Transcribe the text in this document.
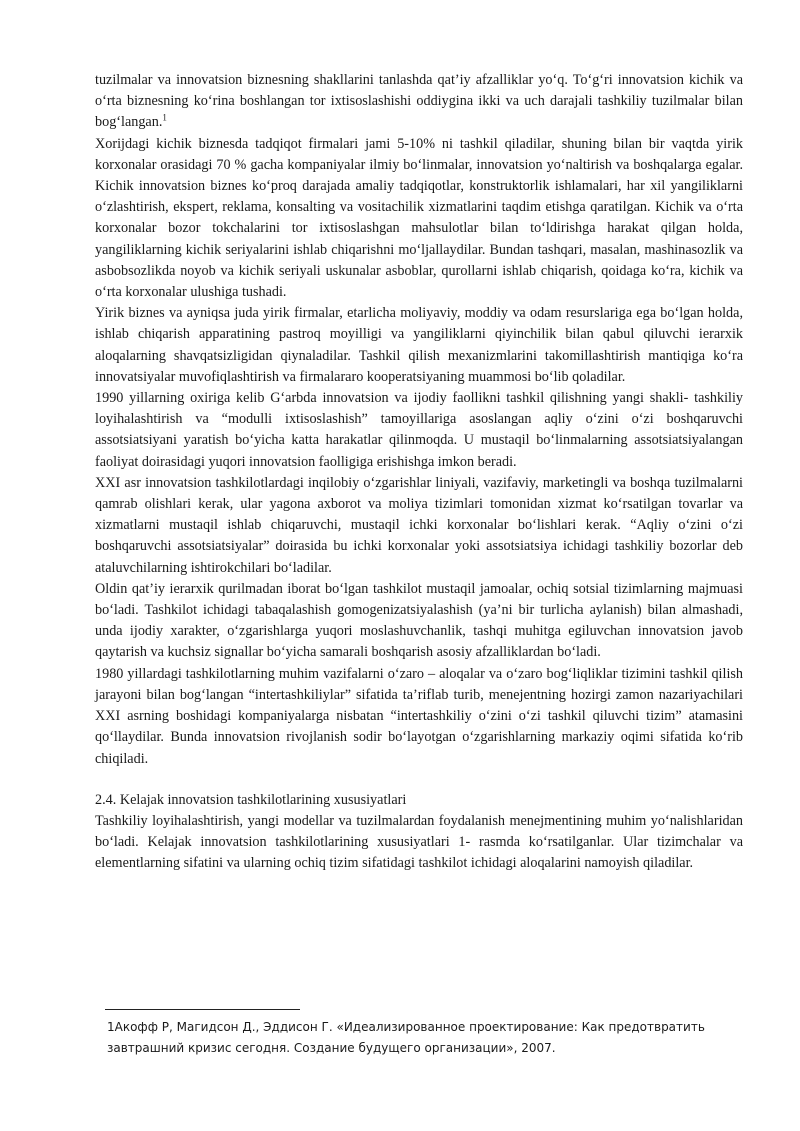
tuzilmalar va innovatsion biznesning shakllarini tanlashda qat’iy afzalliklar yo‘q. To‘g‘ri innovatsion kichik va o‘rta biznesning ko‘rina boshlangan tor ixtisoslashishi oddiygina ikki va uch darajali tashkiliy tuzilmalar bilan bog‘langan.$^1$

Xorijdagi kichik biznesda tadqiqot firmalari jami 5-10% ni tashkil qiladilar, shuning bilan bir vaqtda yirik korxonalar orasidagi 70 % gacha kompaniyalar ilmiy bo‘linmalar, innovatsion yo‘naltirish va boshqalarga egalar. Kichik innovatsion biznes ko‘proq darajada amaliy tadqiqotlar, konstruktorlik ishlamalari, har xil yangiliklarni o‘zlashtirish, ekspert, reklama, konsalting va vositachilik xizmatlarini taqdim etishga qaratilgan. Kichik va o‘rta korxonalar bozor tokchalarini tor ixtisoslashgan mahsulotlar bilan to‘ldirishga harakat qilgan holda, yangiliklarning kichik seriyalarini ishlab chiqarishni mo‘ljallaydilar. Bundan tashqari, masalan, mashinasozlik va asbobsozlikda noyob va kichik seriyali uskunalar asboblar, qurollarni ishlab chiqarish, qoidaga ko‘ra, kichik va o‘rta korxonalar ulushiga tushadi.

Yirik biznes va ayniqsa juda yirik firmalar, etarlicha moliyaviy, moddiy va odam resurslariga ega bo‘lgan holda, ishlab chiqarish apparatining pastroq moyilligi va yangiliklarni qiyinchilik bilan qabul qiluvchi ierarxik aloqalarning shavqatsizligidan qiynaladilar. Tashkil qilish mexanizmlarini takomillashtirish mantiqiga ko‘ra innovatsiyalar muvofiqlashtirish va firmalararo kooperatsiyaning muammosi bo‘lib qoladilar.

1990 yillarning oxiriga kelib G‘arbda innovatsion va ijodiy faollikni tashkil qilishning yangi shakli- tashkiliy loyihalashtirish va “modulli ixtisoslashish” tamoyillariga asoslangan aqliy o‘zini o‘zi boshqaruvchi assotsiatsiyani yaratish bo‘yicha katta harakatlar qilinmoqda. U mustaqil bo‘linmalarning assotsiatsiyalangan faoliyat doirasidagi yuqori innovatsion faolligiga erishishga imkon beradi.

XXI asr innovatsion tashkilotlardagi inqilobiy o‘zgarishlar liniyali, vazifaviy, marketingli va boshqa tuzilmalarni qamrab olishlari kerak, ular yagona axborot va moliya tizimlari tomonidan xizmat ko‘rsatilgan tovarlar va xizmatlarni mustaqil ishlab chiqaruvchi, mustaqil ichki korxonalar bo‘lishlari kerak. “Aqliy o‘zini o‘zi boshqaruvchi assotsiatsiyalar” doirasida bu ichki korxonalar yoki assotsiatsiya ichidagi tashkiliy bozorlar deb ataluvchilarning ishtirokchilari bo‘ladilar.

Oldin qat’iy ierarxik qurilmadan iborat bo‘lgan tashkilot mustaqil jamoalar, ochiq sotsial tizimlarning majmuasi bo‘ladi. Tashkilot ichidagi tabaqalashish gomogenizatsiyalashish (ya’ni bir turlicha aylanish) bilan almashadi, unda ijodiy xarakter, o‘zgarishlarga yuqori moslashuvchanlik, tashqi muhitga egiluvchan innovatsion javob qaytarish va kuchsiz signallar bo‘yicha samarali boshqarish asosiy afzalliklardan bo‘ladi.

1980 yillardagi tashkilotlarning muhim vazifalarni o‘zaro – aloqalar va o‘zaro bog‘liqliklar tizimini tashkil qilish jarayoni bilan bog‘langan “intertashkiliylar” sifatida ta’riflab turib, menejentning hozirgi zamon nazariyachilari XXI asrning boshidagi kompaniyalarga nisbatan “intertashkiliy o‘zini o‘zi tashkil qiluvchi tizim” atamasini qo‘llaydilar. Bunda innovatsion rivojlanish sodir bo‘layotgan o‘zgarishlarning markaziy oqimi sifatida ko‘rib chiqiladi.

2.4. Kelajak innovatsion tashkilotlarining xususiyatlari

Tashkiliy loyihalashtirish, yangi modellar va tuzilmalardan foydalanish menejmentining muhim yo‘nalishlaridan bo‘ladi. Kelajak innovatsion tashkilotlarining xususiyatlari 1- rasmda ko‘rsatilganlar. Ular tizimchalar va elementlarning sifatini va ularning ochiq tizim sifatidagi tashkilot ichidagi aloqalarini namoyish qiladilar.

1Акофф Р, Магидсон Д., Эддисон Г. «Идеализированное проектирование: Как предотвратить завтрашний кризис сегодня. Создание будущего организации», 2007.
